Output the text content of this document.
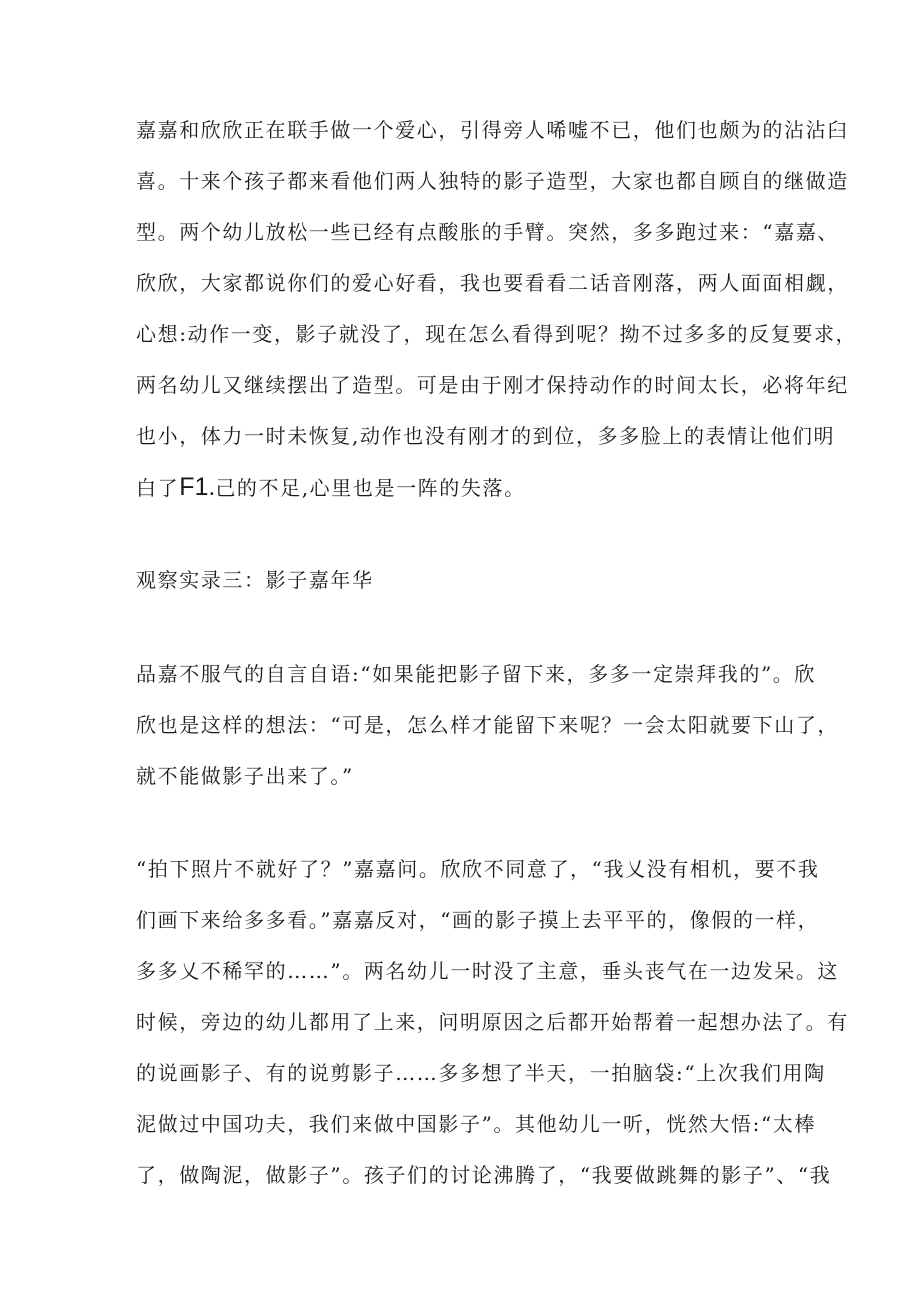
嘉嘉和欣欣正在联手做一个爱心，引得旁人唏嘘不已，他们也颇为的沾沾臼
喜。十来个孩子都来看他们两人独特的影子造型，大家也都自顾自的继做造
型。两个幼儿放松一些已经有点酸胀的手臂。突然，多多跑过来：“嘉嘉、
欣欣，大家都说你们的爱心好看，我也要看看二话音刚落，两人面面相觑，
心想:动作一变，影子就没了，现在怎么看得到呢？拗不过多多的反复要求，
两名幼儿又继续摆出了造型。可是由于刚才保持动作的时间太长，必将年纪
也小，体力一时未恢复,动作也没有刚才的到位，多多脸上的表情让他们明
白了F1.己的不足,心里也是一阵的失落。
观察实录三：影子嘉年华
品嘉不服气的自言自语:“如果能把影子留下来，多多一定崇拜我的”。欣
欣也是这样的想法：“可是，怎么样才能留下来呢？一会太阳就要下山了，
就不能做影子出来了。”
“拍下照片不就好了？”嘉嘉问。欣欣不同意了，“我乂没有相机，要不我
们画下来给多多看。”嘉嘉反对，“画的影子摸上去平平的，像假的一样，
多多乂不稀罕的……”。两名幼儿一时没了主意，垂头丧气在一边发呆。这
时候，旁边的幼儿都用了上来，问明原因之后都开始帮着一起想办法了。有
的说画影子、有的说剪影子……多多想了半天，一拍脑袋:“上次我们用陶
泥做过中国功夫，我们来做中国影子”。其他幼儿一听，恍然大悟:“太棒
了，做陶泥，做影子”。孩子们的讨论沸腾了，“我要做跳舞的影子”、“我
